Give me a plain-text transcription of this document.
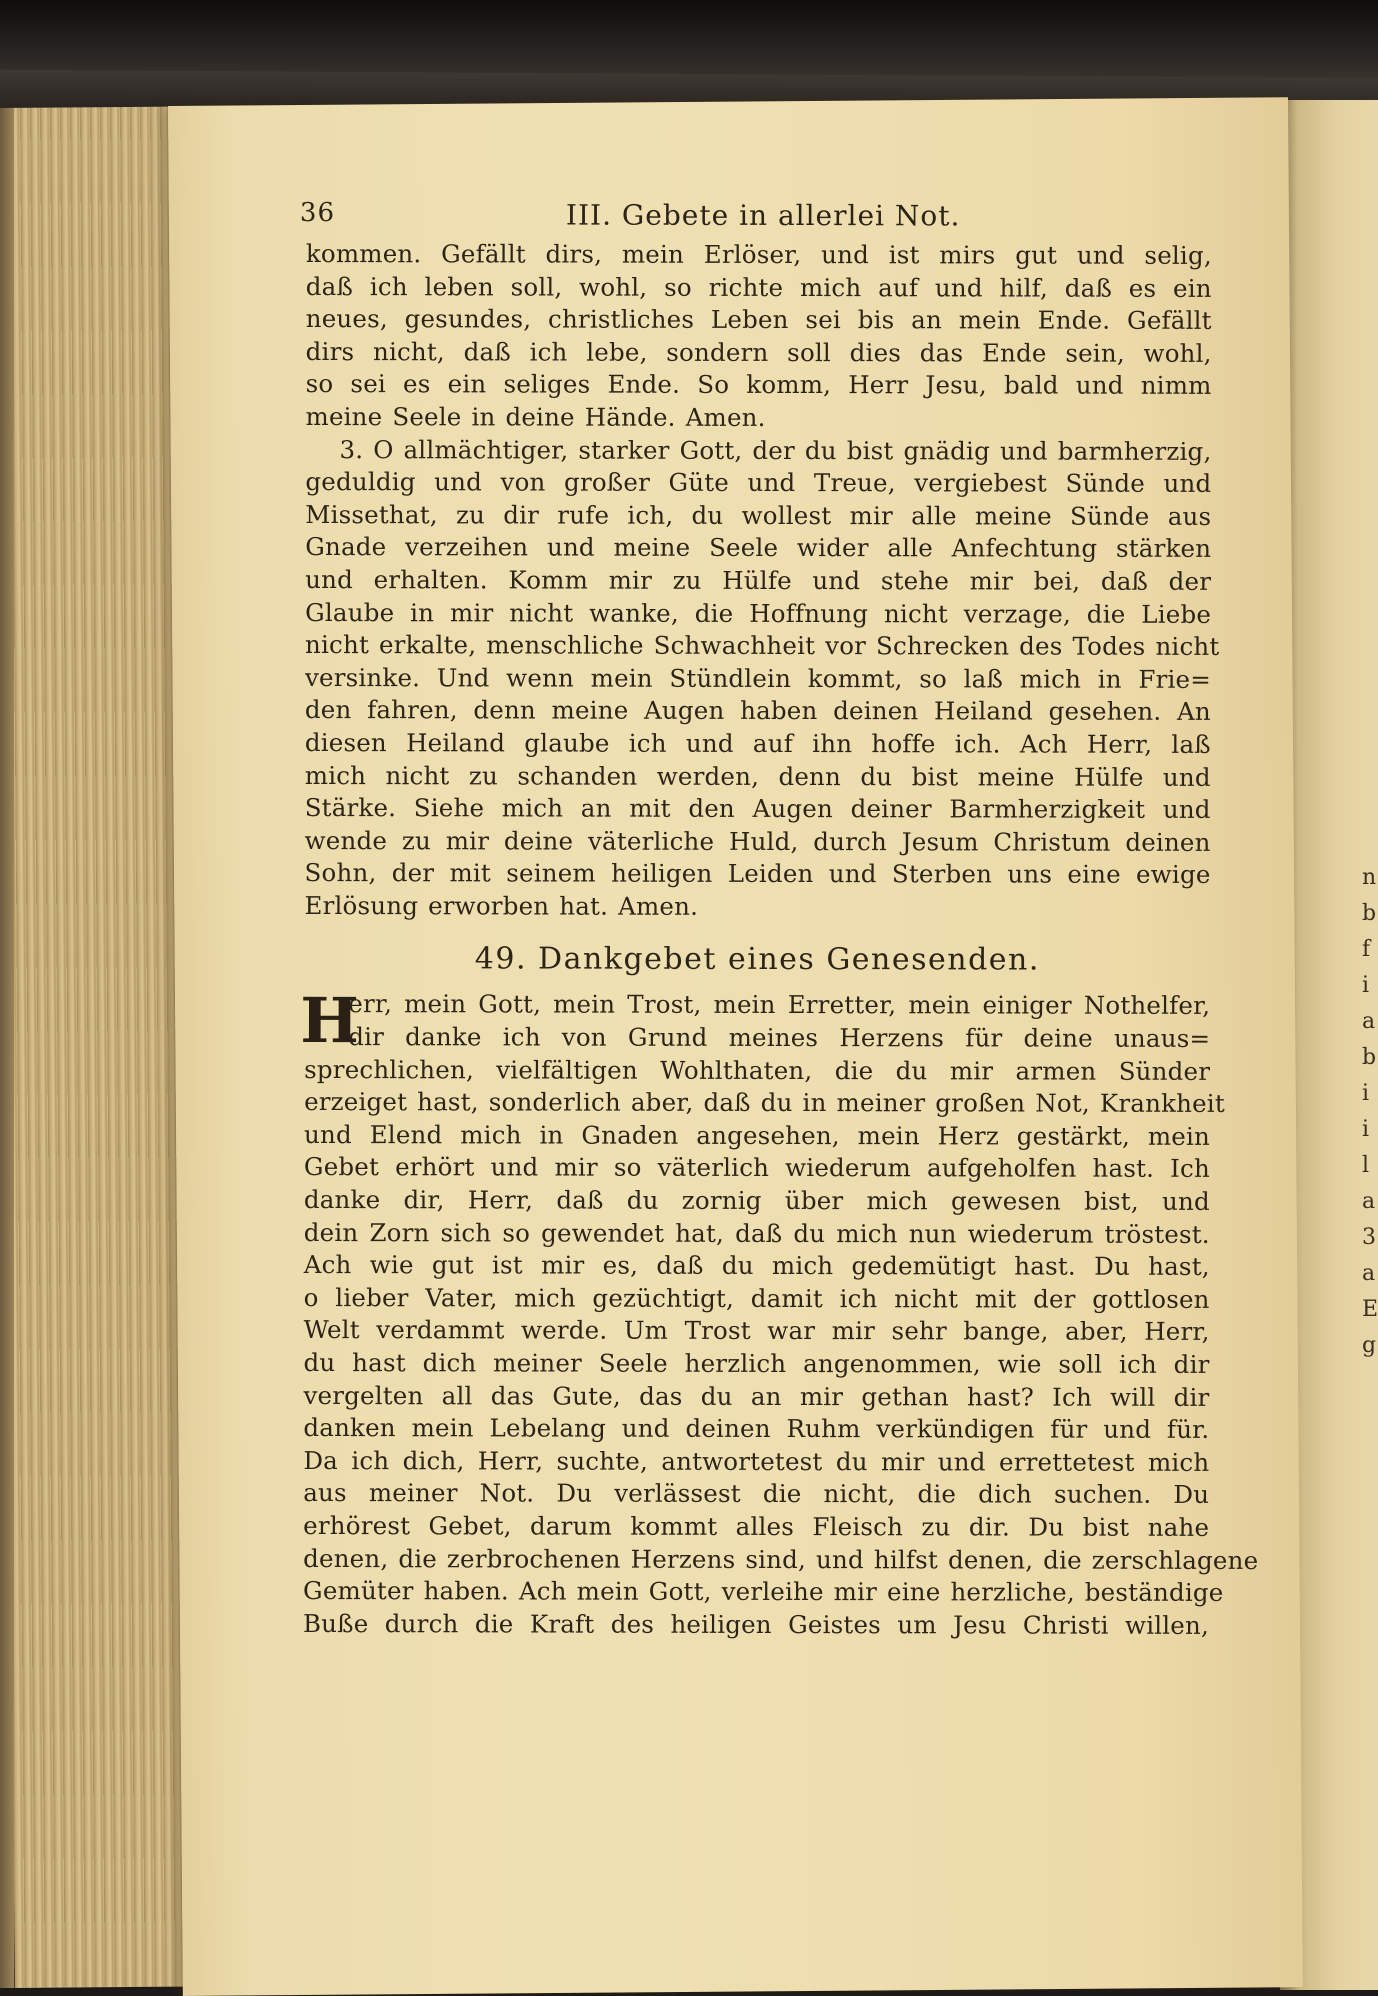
n
b
f
i
a
b
i
i
l
a
3
a
E
g
36	III. Gebete in allerlei Not.
kommen. Gefällt dirs, mein Erlöser, und ist mirs gut und selig,
daß ich leben soll, wohl, so richte mich auf und hilf, daß es ein
neues, gesundes, christliches Leben sei bis an mein Ende. Gefällt
dirs nicht, daß ich lebe, sondern soll dies das Ende sein, wohl,
so sei es ein seliges Ende. So komm, Herr Jesu, bald und nimm
meine Seele in deine Hände. Amen.
3. O allmächtiger, starker Gott, der du bist gnädig und barmherzig,
geduldig und von großer Güte und Treue, vergiebest Sünde und
Missethat, zu dir rufe ich, du wollest mir alle meine Sünde aus
Gnade verzeihen und meine Seele wider alle Anfechtung stärken
und erhalten. Komm mir zu Hülfe und stehe mir bei, daß der
Glaube in mir nicht wanke, die Hoffnung nicht verzage, die Liebe
nicht erkalte, menschliche Schwachheit vor Schrecken des Todes nicht
versinke. Und wenn mein Stündlein kommt, so laß mich in Frie=
den fahren, denn meine Augen haben deinen Heiland gesehen. An
diesen Heiland glaube ich und auf ihn hoffe ich. Ach Herr, laß
mich nicht zu schanden werden, denn du bist meine Hülfe und
Stärke. Siehe mich an mit den Augen deiner Barmherzigkeit und
wende zu mir deine väterliche Huld, durch Jesum Christum deinen
Sohn, der mit seinem heiligen Leiden und Sterben uns eine ewige
Erlösung erworben hat. Amen.
49. Dankgebet eines Genesenden.
H
err, mein Gott, mein Trost, mein Erretter, mein einiger Nothelfer,
dir danke ich von Grund meines Herzens für deine unaus=
sprechlichen, vielfältigen Wohlthaten, die du mir armen Sünder
erzeiget hast, sonderlich aber, daß du in meiner großen Not, Krankheit
und Elend mich in Gnaden angesehen, mein Herz gestärkt, mein
Gebet erhört und mir so väterlich wiederum aufgeholfen hast. Ich
danke dir, Herr, daß du zornig über mich gewesen bist, und
dein Zorn sich so gewendet hat, daß du mich nun wiederum tröstest.
Ach wie gut ist mir es, daß du mich gedemütigt hast. Du hast,
o lieber Vater, mich gezüchtigt, damit ich nicht mit der gottlosen
Welt verdammt werde. Um Trost war mir sehr bange, aber, Herr,
du hast dich meiner Seele herzlich angenommen, wie soll ich dir
vergelten all das Gute, das du an mir gethan hast? Ich will dir
danken mein Lebelang und deinen Ruhm verkündigen für und für.
Da ich dich, Herr, suchte, antwortetest du mir und errettetest mich
aus meiner Not. Du verlässest die nicht, die dich suchen. Du
erhörest Gebet, darum kommt alles Fleisch zu dir. Du bist nahe
denen, die zerbrochenen Herzens sind, und hilfst denen, die zerschlagene
Gemüter haben. Ach mein Gott, verleihe mir eine herzliche, beständige
Buße durch die Kraft des heiligen Geistes um Jesu Christi willen,
